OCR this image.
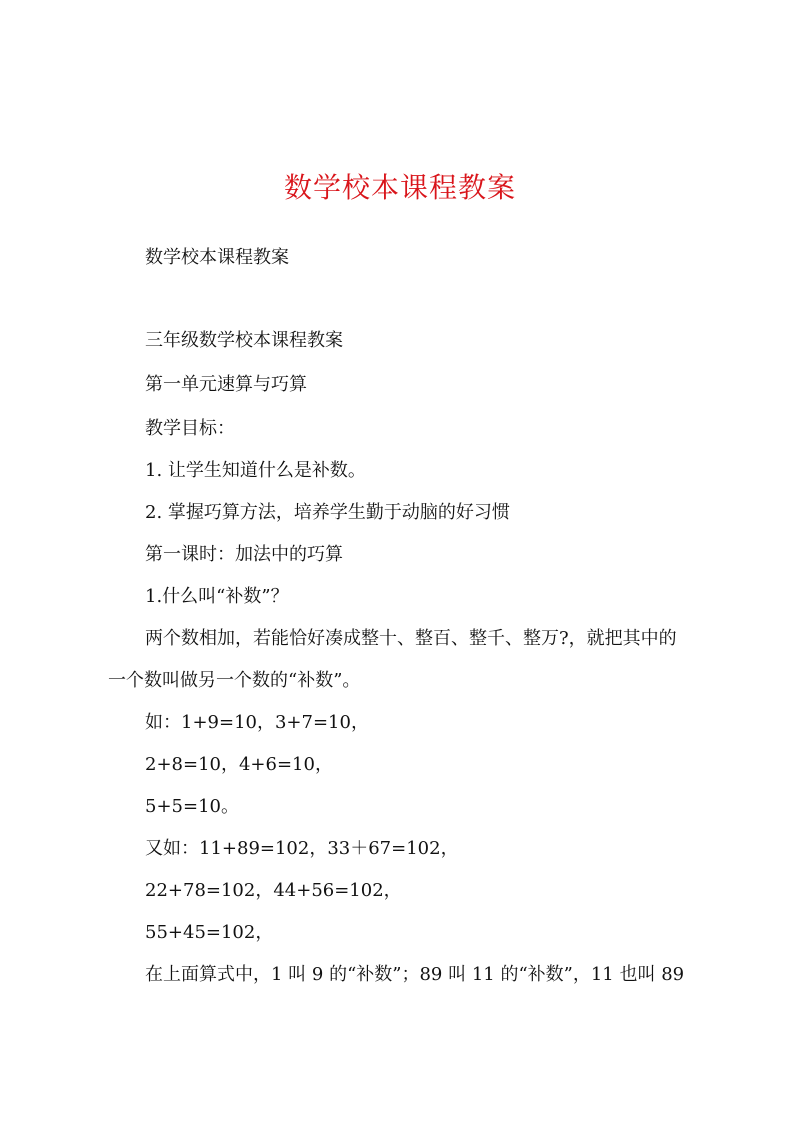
数学校本课程教案

数学校本课程教案

三年级数学校本课程教案

第一单元速算与巧算

教学目标：

1. 让学生知道什么是补数。

2. 掌握巧算方法，培养学生勤于动脑的好习惯

第一课时：加法中的巧算

1.什么叫“补数”？

两个数相加，若能恰好凑成整十、整百、整千、整万?，就把其中的

一个数叫做另一个数的“补数”。

如：1+9=10，3+7=10，

2+8=10，4+6=10，

5+5=10。

又如：11+89=102，33＋67=102，

22+78=102，44+56=102，

55+45=102，

在上面算式中，1 叫 9 的“补数”；89 叫 11 的“补数”，11 也叫 89
